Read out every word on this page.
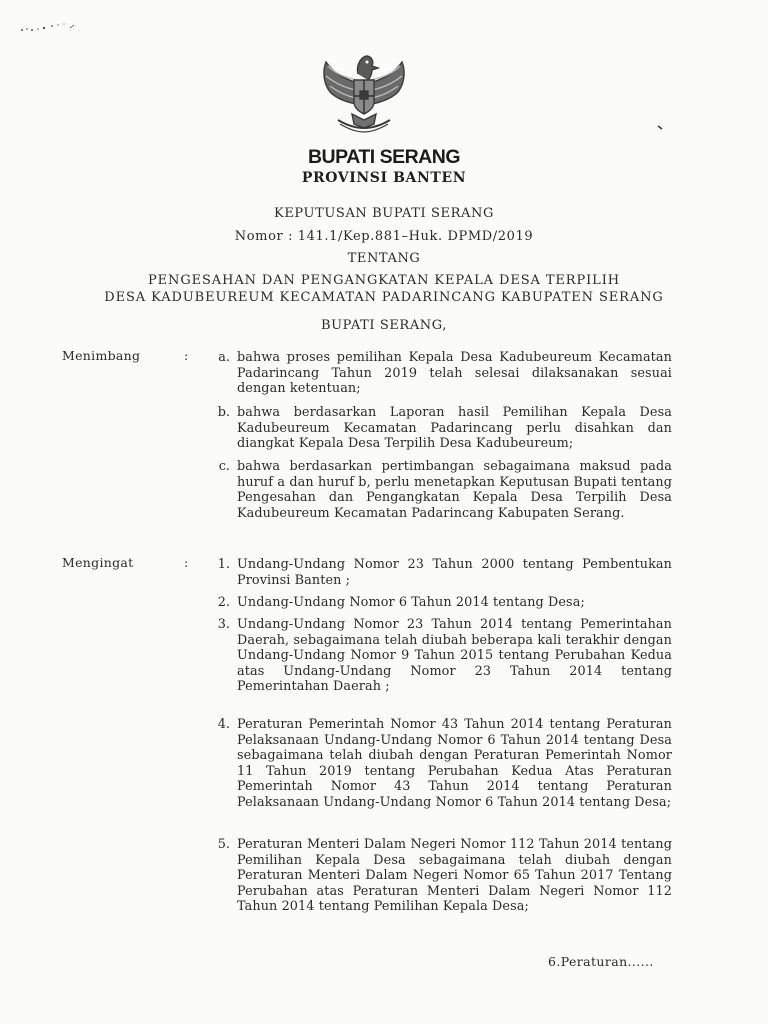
BUPATI SERANG
PROVINSI BANTEN
KEPUTUSAN BUPATI SERANG
Nomor : 141.1/Kep.881–Huk. DPMD/2019
TENTANG
PENGESAHAN DAN PENGANGKATAN KEPALA DESA TERPILIH
DESA KADUBEUREUM KECAMATAN PADARINCANG KABUPATEN SERANG
BUPATI SERANG,
Menimbang	:	a. bahwa proses pemilihan Kepala Desa Kadubeureum Kecamatan Padarincang Tahun 2019 telah selesai dilaksanakan sesuai dengan ketentuan;
b. bahwa berdasarkan Laporan hasil Pemilihan Kepala Desa Kadubeureum Kecamatan Padarincang perlu disahkan dan diangkat Kepala Desa Terpilih Desa Kadubeureum;
c. bahwa berdasarkan pertimbangan sebagaimana maksud pada huruf a dan huruf b, perlu menetapkan Keputusan Bupati tentang Pengesahan dan Pengangkatan Kepala Desa Terpilih Desa Kadubeureum Kecamatan Padarincang Kabupaten Serang.
Mengingat	:	1. Undang-Undang Nomor 23 Tahun 2000 tentang Pembentukan Provinsi Banten ;
2. Undang-Undang Nomor 6 Tahun 2014 tentang Desa;
3. Undang-Undang Nomor 23 Tahun 2014 tentang Pemerintahan Daerah, sebagaimana telah diubah beberapa kali terakhir dengan Undang-Undang Nomor 9 Tahun 2015 tentang Perubahan Kedua atas Undang-Undang Nomor 23 Tahun 2014 tentang Pemerintahan Daerah ;
4. Peraturan Pemerintah Nomor 43 Tahun 2014 tentang Peraturan Pelaksanaan Undang-Undang Nomor 6 Tahun 2014 tentang Desa sebagaimana telah diubah dengan Peraturan Pemerintah Nomor 11 Tahun 2019 tentang Perubahan Kedua Atas Peraturan Pemerintah Nomor 43 Tahun 2014 tentang Peraturan Pelaksanaan Undang-Undang Nomor 6 Tahun 2014 tentang Desa;
5. Peraturan Menteri Dalam Negeri Nomor 112 Tahun 2014 tentang Pemilihan Kepala Desa sebagaimana telah diubah dengan Peraturan Menteri Dalam Negeri Nomor 65 Tahun 2017 Tentang Perubahan atas Peraturan Menteri Dalam Negeri Nomor 112 Tahun 2014 tentang Pemilihan Kepala Desa;
6.Peraturan......
